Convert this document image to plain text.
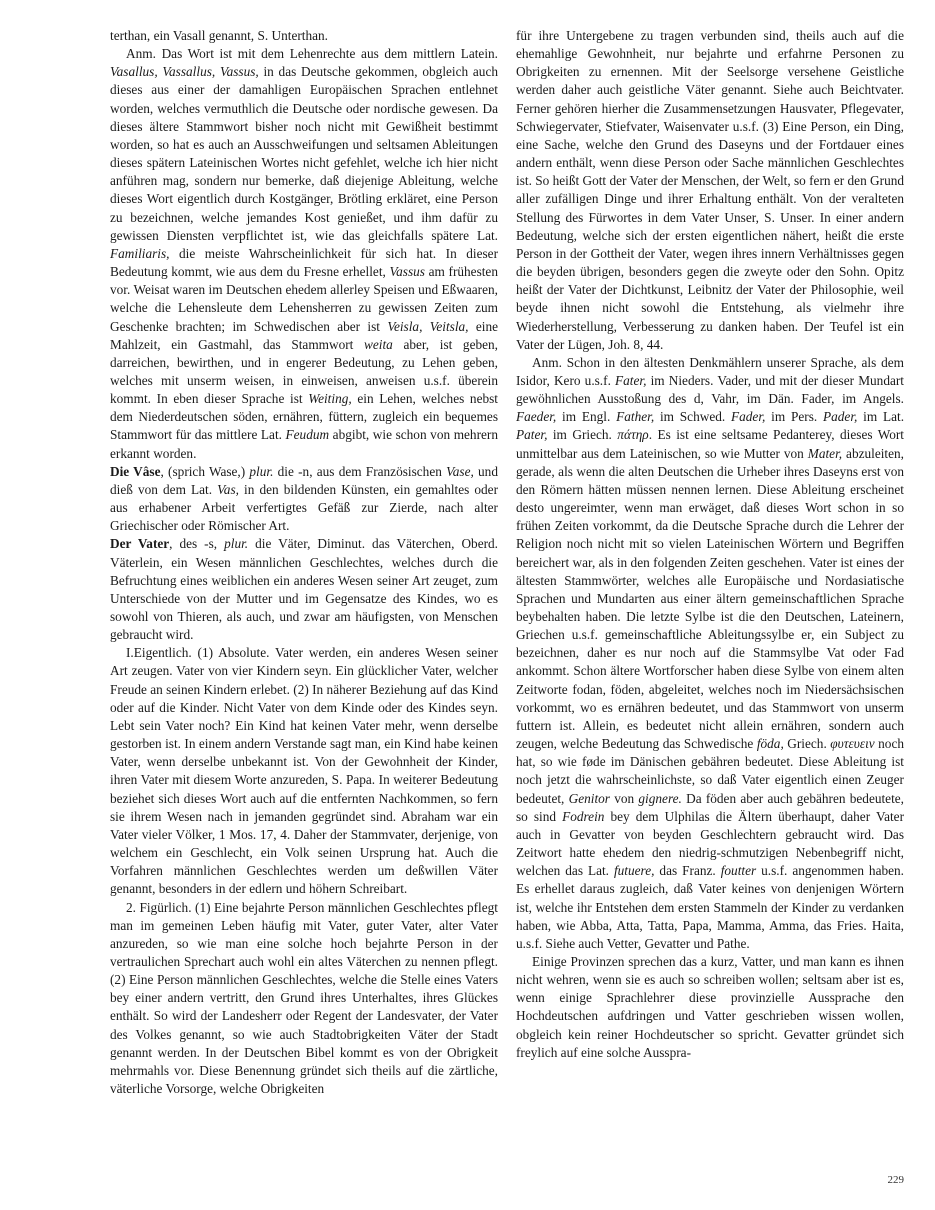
terthan, ein Vasall genannt, S. Unterthan.

Anm. Das Wort ist mit dem Lehenrechte aus dem mittlern Latein. Vasallus, Vassallus, Vassus, in das Deutsche gekommen, obgleich auch dieses aus einer der damahligen Europäischen Sprachen entlehnet worden, welches vermuthlich die Deutsche oder nordische gewesen. Da dieses ältere Stammwort bisher noch nicht mit Gewißheit bestimmt worden, so hat es auch an Ausschweifungen und seltsamen Ableitungen dieses spätern Lateinischen Wortes nicht gefehlet, welche ich hier nicht anführen mag, sondern nur bemerke, daß diejenige Ableitung, welche dieses Wort eigentlich durch Kostgänger, Brötling erkläret, eine Person zu bezeichnen, welche jemandes Kost genießet, und ihm dafür zu gewissen Diensten verpflichtet ist, wie das gleichfalls spätere Lat. Familiaris, die meiste Wahrscheinlichkeit für sich hat. In dieser Bedeutung kommt, wie aus dem du Fresne erhellet, Vassus am frühesten vor. Weisat waren im Deutschen ehedem allerley Speisen und Eßwaaren, welche die Lehensleute dem Lehensherren zu gewissen Zeiten zum Geschenke brachten; im Schwedischen aber ist Veisla, Veitsla, eine Mahlzeit, ein Gastmahl, das Stammwort weita aber, ist geben, darreichen, bewirthen, und in engerer Bedeutung, zu Lehen geben, welches mit unserm weisen, in einweisen, anweisen u.s.f. überein kommt. In eben dieser Sprache ist Weiting, ein Lehen, welches nebst dem Niederdeutschen söden, ernähren, füttern, zugleich ein bequemes Stammwort für das mittlere Lat. Feudum abgibt, wie schon von mehrern erkannt worden.

Die Vâse, (sprich Wase,) plur. die -n, aus dem Französischen Vase, und dieß von dem Lat. Vas, in den bildenden Künsten, ein gemahltes oder aus erhabener Arbeit verfertigtes Gefäß zur Zierde, nach alter Griechischer oder Römischer Art.

Der Vater, des -s, plur. die Väter, Diminut. das Väterchen, Oberd. Väterlein, ein Wesen männlichen Geschlechtes, welches durch die Befruchtung eines weiblichen ein anderes Wesen seiner Art zeuget, zum Unterschiede von der Mutter und im Gegensatze des Kindes, wo es sowohl von Thieren, als auch, und zwar am häufigsten, von Menschen gebraucht wird.

I.Eigentlich. (1) Absolute. Vater werden, ein anderes Wesen seiner Art zeugen. Vater von vier Kindern seyn. Ein glücklicher Vater, welcher Freude an seinen Kindern erlebet. (2) In näherer Beziehung auf das Kind oder auf die Kinder. Nicht Vater von dem Kinde oder des Kindes seyn. Lebt sein Vater noch? Ein Kind hat keinen Vater mehr, wenn derselbe gestorben ist. In einem andern Verstande sagt man, ein Kind habe keinen Vater, wenn derselbe unbekannt ist. Von der Gewohnheit der Kinder, ihren Vater mit diesem Worte anzureden, S. Papa. In weiterer Bedeutung beziehet sich dieses Wort auch auf die entfernten Nachkommen, so fern sie ihrem Wesen nach in jemanden gegründet sind. Abraham war ein Vater vieler Völker, 1 Mos. 17, 4. Daher der Stammvater, derjenige, von welchem ein Geschlecht, ein Volk seinen Ursprung hat. Auch die Vorfahren männlichen Geschlechtes werden um deßwillen Väter genannt, besonders in der edlern und höhern Schreibart.

2. Figürlich. (1) Eine bejahrte Person männlichen Geschlechtes pflegt man im gemeinen Leben häufig mit Vater, guter Vater, alter Vater anzureden, so wie man eine solche hoch bejahrte Person in der vertraulichen Sprechart auch wohl ein altes Väterchen zu nennen pflegt. (2) Eine Person männlichen Geschlechtes, welche die Stelle eines Vaters bey einer andern vertritt, den Grund ihres Unterhaltes, ihres Glückes enthält. So wird der Landesherr oder Regent der Landesvater, der Vater des Volkes genannt, so wie auch Stadtobrigkeiten Väter der Stadt genannt werden. In der Deutschen Bibel kommt es von der Obrigkeit mehrmahls vor. Diese Benennung gründet sich theils auf die zärtliche, väterliche Vorsorge, welche Obrigkeiten

für ihre Untergebene zu tragen verbunden sind, theils auch auf die ehemahlige Gewohnheit, nur bejahrte und erfahrne Personen zu Obrigkeiten zu ernennen. Mit der Seelsorge versehene Geistliche werden daher auch geistliche Väter genannt. Siehe auch Beichtvater. Ferner gehören hierher die Zusammensetzungen Hausvater, Pflegevater, Schwiegervater, Stiefvater, Waisenvater u.s.f. (3) Eine Person, ein Ding, eine Sache, welche den Grund des Daseyns und der Fortdauer eines andern enthält, wenn diese Person oder Sache männlichen Geschlechtes ist. So heißt Gott der Vater der Menschen, der Welt, so fern er den Grund aller zufälligen Dinge und ihrer Erhaltung enthält. Von der veralteten Stellung des Fürwortes in dem Vater Unser, S. Unser. In einer andern Bedeutung, welche sich der ersten eigentlichen nähert, heißt die erste Person in der Gottheit der Vater, wegen ihres innern Verhältnisses gegen die beyden übrigen, besonders gegen die zweyte oder den Sohn. Opitz heißt der Vater der Dichtkunst, Leibnitz der Vater der Philosophie, weil beyde ihnen nicht sowohl die Entstehung, als vielmehr ihre Wiederherstellung, Verbesserung zu danken haben. Der Teufel ist ein Vater der Lügen, Joh. 8, 44.

Anm. Schon in den ältesten Denkmählern unserer Sprache, als dem Isidor, Kero u.s.f. Fater, im Nieders. Vader, und mit der dieser Mundart gewöhnlichen Ausstoßung des d, Vahr, im Dän. Fader, im Angels. Faeder, im Engl. Father, im Schwed. Fader, im Pers. Pader, im Lat. Pater, im Griech. πάτηρ. Es ist eine seltsame Pedanterey, dieses Wort unmittelbar aus dem Lateinischen, so wie Mutter von Mater, abzuleiten, gerade, als wenn die alten Deutschen die Urheber ihres Daseyns erst von den Römern hätten müssen nennen lernen. Diese Ableitung erscheinet desto ungereimter, wenn man erwäget, daß dieses Wort schon in so frühen Zeiten vorkommt, da die Deutsche Sprache durch die Lehrer der Religion noch nicht mit so vielen Lateinischen Wörtern und Begriffen bereichert war, als in den folgenden Zeiten geschehen. Vater ist eines der ältesten Stammwörter, welches alle Europäische und Nordasiatische Sprachen und Mundarten aus einer ältern gemeinschaftlichen Sprache beybehalten haben. Die letzte Sylbe ist die den Deutschen, Lateinern, Griechen u.s.f. gemeinschaftliche Ableitungssylbe er, ein Subject zu bezeichnen, daher es nur noch auf die Stammsylbe Vat oder Fad ankommt. Schon ältere Wortforscher haben diese Sylbe von einem alten Zeitworte fodan, föden, abgeleitet, welches noch im Niedersächsischen vorkommt, wo es ernähren bedeutet, und das Stammwort von unserm futtern ist. Allein, es bedeutet nicht allein ernähren, sondern auch zeugen, welche Bedeutung das Schwedische föda, Griech. φυτευειν noch hat, so wie føde im Dänischen gebähren bedeutet. Diese Ableitung ist noch jetzt die wahrscheinlichste, so daß Vater eigentlich einen Zeuger bedeutet, Genitor von gignere. Da föden aber auch gebähren bedeutete, so sind Fodrein bey dem Ulphilas die Ältern überhaupt, daher Vater auch in Gevatter von beyden Geschlechtern gebraucht wird. Das Zeitwort hatte ehedem den niedrig-schmutzigen Nebenbegriff nicht, welchen das Lat. futuere, das Franz. foutter u.s.f. angenommen haben. Es erhellet daraus zugleich, daß Vater keines von denjenigen Wörtern ist, welche ihr Entstehen dem ersten Stammeln der Kinder zu verdanken haben, wie Abba, Atta, Tatta, Papa, Mamma, Amma, das Fries. Haita, u.s.f. Siehe auch Vetter, Gevatter und Pathe.

Einige Provinzen sprechen das a kurz, Vatter, und man kann es ihnen nicht wehren, wenn sie es auch so schreiben wollen; seltsam aber ist es, wenn einige Sprachlehrer diese provinzielle Aussprache den Hochdeutschen aufdringen und Vatter geschrieben wissen wollen, obgleich kein reiner Hochdeutscher so spricht. Gevatter gründet sich freylich auf eine solche Ausspra-

229
